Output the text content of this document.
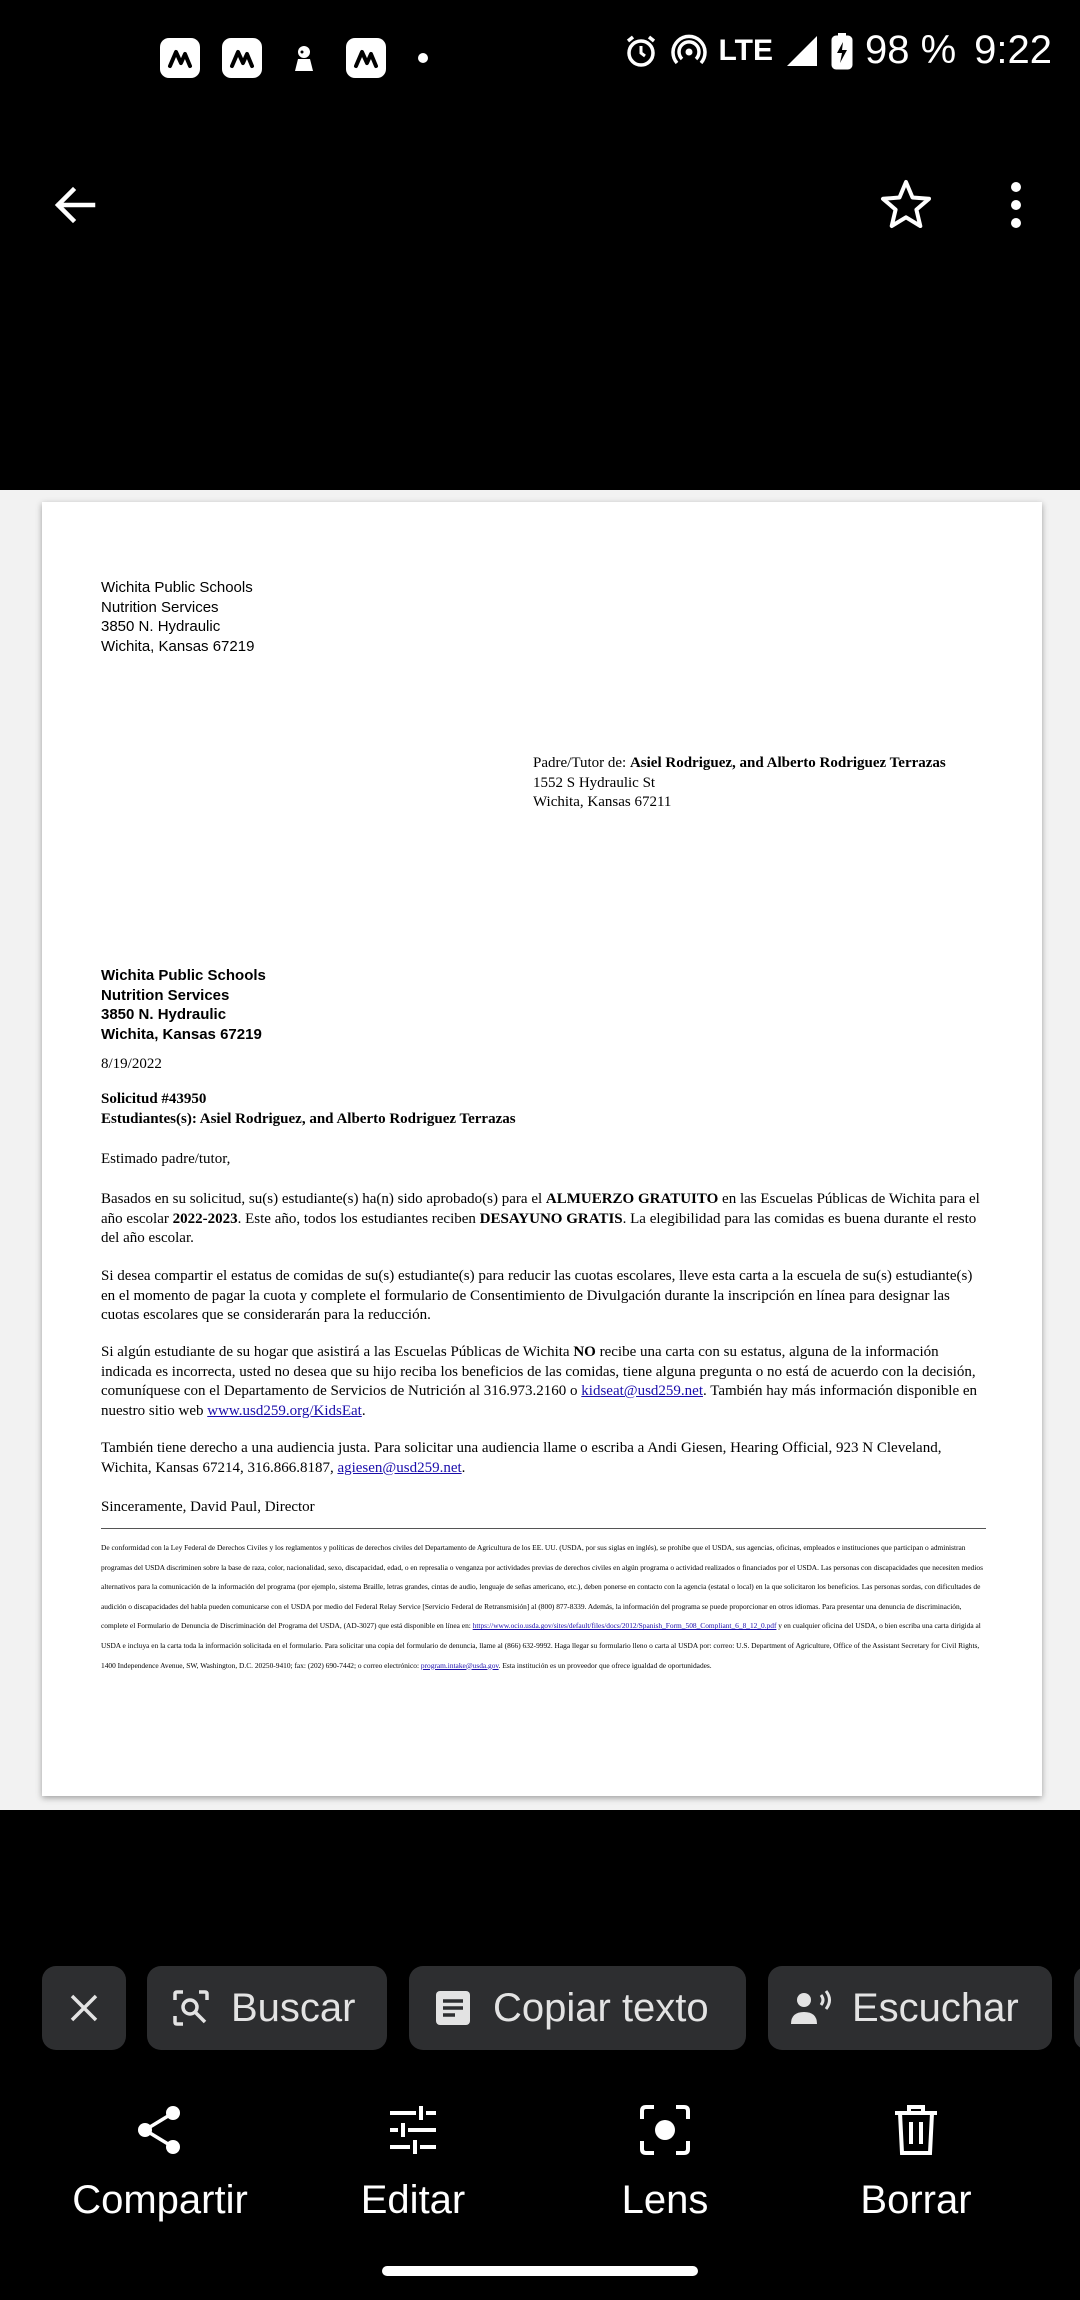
LTE 98 % 9:22

Wichita Public Schools

Nutrition Services

3850 N. Hydraulic

Wichita, Kansas 67219

Padre/Tutor de: Asiel Rodriguez, and Alberto Rodriguez Terrazas

1552 S Hydraulic St

Wichita, Kansas 67211

Wichita Public Schools

Nutrition Services

3850 N. Hydraulic

Wichita, Kansas 67219

8/19/2022

Solicitud #43950

Estudiantes(s): Asiel Rodriguez, and Alberto Rodriguez Terrazas

Estimado padre/tutor,
Basados en su solicitud, su(s) estudiante(s) ha(n) sido aprobado(s) para el ALMUERZO GRATUITO en las Escuelas Públicas de Wichita para el año escolar 2022-2023. Este año, todos los estudiantes reciben DESAYUNO GRATIS. La elegibilidad para las comidas es buena durante el resto del año escolar.
Si desea compartir el estatus de comidas de su(s) estudiante(s) para reducir las cuotas escolares, lleve esta carta a la escuela de su(s) estudiante(s) en el momento de pagar la cuota y complete el formulario de Consentimiento de Divulgación durante la inscripción en línea para designar las cuotas escolares que se considerarán para la reducción.
Si algún estudiante de su hogar que asistirá a las Escuelas Públicas de Wichita NO recibe una carta con su estatus, alguna de la información indicada es incorrecta, usted no desea que su hijo reciba los beneficios de las comidas, tiene alguna pregunta o no está de acuerdo con la decisión, comuníquese con el Departamento de Servicios de Nutrición al 316.973.2160 o kidseat@usd259.net. También hay más información disponible en nuestro sitio web www.usd259.org/KidsEat.
También tiene derecho a una audiencia justa. Para solicitar una audiencia llame o escriba a Andi Giesen, Hearing Official, 923 N Cleveland, Wichita, Kansas 67214, 316.866.8187, agiesen@usd259.net.
Sinceramente, David Paul, Director
De conformidad con la Ley Federal de Derechos Civiles y los reglamentos y políticas de derechos civiles del Departamento de Agricultura de los EE. UU. (USDA, por sus siglas en inglés), se prohíbe que el USDA, sus agencias, oficinas, empleados e instituciones que participan o administran programas del USDA discriminen sobre la base de raza, color, nacionalidad, sexo, discapacidad, edad, o en represalia o venganza por actividades previas de derechos civiles en algún programa o actividad realizados o financiados por el USDA. Las personas con discapacidades que necesiten medios alternativos para la comunicación de la información del programa (por ejemplo, sistema Braille, letras grandes, cintas de audio, lenguaje de señas americano, etc.), deben ponerse en contacto con la agencia (estatal o local) en la que solicitaron los beneficios. Las personas sordas, con dificultades de audición o discapacidades del habla pueden comunicarse con el USDA por medio del Federal Relay Service [Servicio Federal de Retransmisión] al (800) 877-8339. Además, la información del programa se puede proporcionar en otros idiomas. Para presentar una denuncia de discriminación, complete el Formulario de Denuncia de Discriminación del Programa del USDA, (AD-3027) que está disponible en línea en: https://www.ocio.usda.gov/sites/default/files/docs/2012/Spanish_Form_508_Compliant_6_8_12_0.pdf y en cualquier oficina del USDA, o bien escriba una carta dirigida al USDA e incluya en la carta toda la información solicitada en el formulario. Para solicitar una copia del formulario de denuncia, llame al (866) 632-9992. Haga llegar su formulario lleno o carta al USDA por: correo: U.S. Department of Agriculture, Office of the Assistant Secretary for Civil Rights, 1400 Independence Avenue, SW, Washington, D.C. 20250-9410; fax: (202) 690-7442; o correo electrónico: program.intake@usda.gov. Esta institución es un proveedor que ofrece igualdad de oportunidades.
Buscar	Copiar texto	Escuchar
Compartir	Editar	Lens	Borrar
